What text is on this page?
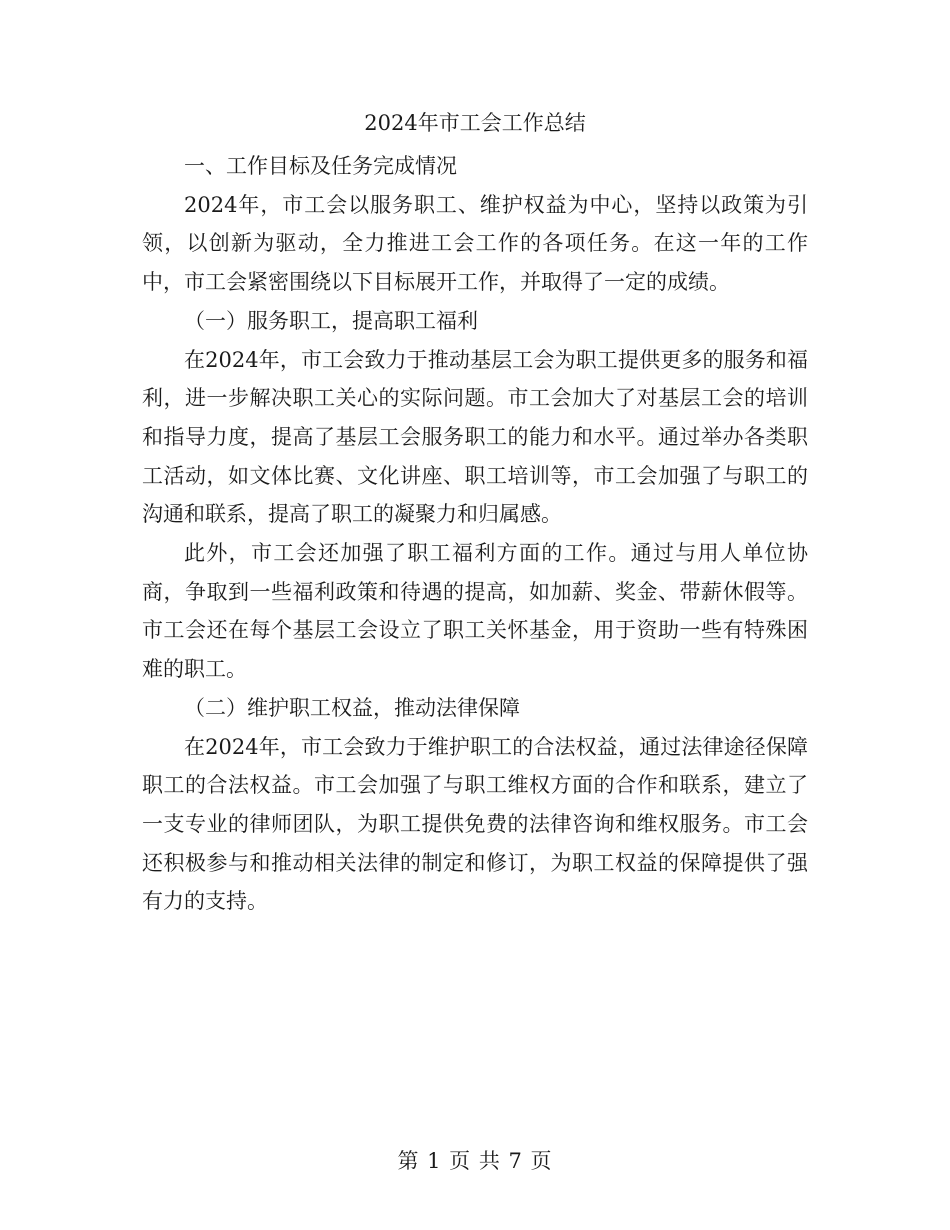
2024年市工会工作总结

一、工作目标及任务完成情况

2024年，市工会以服务职工、维护权益为中心，坚持以政策为引领，以创新为驱动，全力推进工会工作的各项任务。在这一年的工作中，市工会紧密围绕以下目标展开工作，并取得了一定的成绩。

（一）服务职工，提高职工福利

在2024年，市工会致力于推动基层工会为职工提供更多的服务和福利，进一步解决职工关心的实际问题。市工会加大了对基层工会的培训和指导力度，提高了基层工会服务职工的能力和水平。通过举办各类职工活动，如文体比赛、文化讲座、职工培训等，市工会加强了与职工的沟通和联系，提高了职工的凝聚力和归属感。

此外，市工会还加强了职工福利方面的工作。通过与用人单位协商，争取到一些福利政策和待遇的提高，如加薪、奖金、带薪休假等。市工会还在每个基层工会设立了职工关怀基金，用于资助一些有特殊困难的职工。

（二）维护职工权益，推动法律保障

在2024年，市工会致力于维护职工的合法权益，通过法律途径保障职工的合法权益。市工会加强了与职工维权方面的合作和联系，建立了一支专业的律师团队，为职工提供免费的法律咨询和维权服务。市工会还积极参与和推动相关法律的制定和修订，为职工权益的保障提供了强有力的支持。

第 1 页 共 7 页
